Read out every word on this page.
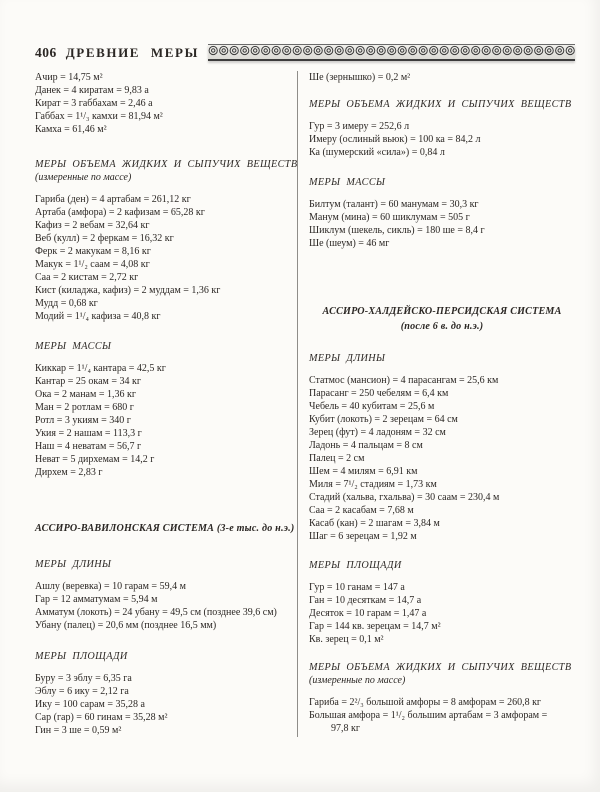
406 ДРЕВНИЕ МЕРЫ
Ачир = 14,75 м²
Данек = 4 киратам = 9,83 а
Кират = 3 габбахам = 2,46 а
Габбах = 1¹/₃ камхи = 81,94 м²
Камха = 61,46 м²
МЕРЫ ОБЪЕМА ЖИДКИХ И СЫПУЧИХ ВЕЩЕСТВ
(измеренные по массе)
Гариба (ден) = 4 артабам = 261,12 кг
Артаба (амфора) = 2 кафизам = 65,28 кг
Кафиз = 2 вебам = 32,64 кг
Веб (кулл) = 2 феркам = 16,32 кг
Ферк = 2 макукам = 8,16 кг
Макук = 1¹/₂ саам = 4,08 кг
Саа = 2 кистам = 2,72 кг
Кист (киладжа, кафиз) = 2 муддам = 1,36 кг
Мудд = 0,68 кг
Модий = 1¹/₄ кафиза = 40,8 кг
МЕРЫ МАССЫ
Киккар = 1¹/₄ кантара = 42,5 кг
Кантар = 25 окам = 34 кг
Ока = 2 манам = 1,36 кг
Ман = 2 ротлам = 680 г
Ротл = 3 укиям = 340 г
Укия = 2 нашам = 113,3 г
Наш = 4 неватам = 56,7 г
Неват = 5 дирхемам = 14,2 г
Дирхем = 2,83 г
АССИРО-ВАВИЛОНСКАЯ СИСТЕМА (3-е тыс. до н.э.)
МЕРЫ ДЛИНЫ
Ашлу (веревка) = 10 гарам = 59,4 м
Гар = 12 амматумам = 5,94 м
Амматум (локоть) = 24 убану = 49,5 см (позднее 39,6 см)
Убану (палец) = 20,6 мм (позднее 16,5 мм)
МЕРЫ ПЛОЩАДИ
Буру = 3 эблу = 6,35 га
Эблу = 6 ику = 2,12 га
Ику = 100 сарам = 35,28 а
Сар (гар) = 60 гинам = 35,28 м²
Гин = 3 ше = 0,59 м²
Ше (зернышко) = 0,2 м²
МЕРЫ ОБЪЕМА ЖИДКИХ И СЫПУЧИХ ВЕЩЕСТВ
Гур = 3 имеру = 252,6 л
Имеру (ослиный вьюк) = 100 ка = 84,2 л
Ка (шумерский «сила») = 0,84 л
МЕРЫ МАССЫ
Билтум (талант) = 60 манумам = 30,3 кг
Манум (мина) = 60 шиклумам = 505 г
Шиклум (шекель, сикль) = 180 ше = 8,4 г
Ше (шеум) = 46 мг
АССИРО-ХАЛДЕЙСКО-ПЕРСИДСКАЯ СИСТЕМА
(после 6 в. до н.э.)
МЕРЫ ДЛИНЫ
Статмос (мансион) = 4 парасангам = 25,6 км
Парасанг = 250 чебелям = 6,4 км
Чебель = 40 кубитам = 25,6 м
Кубит (локоть) = 2 зерецам = 64 см
Зерец (фут) = 4 ладоням = 32 см
Ладонь = 4 пальцам = 8 см
Палец = 2 см
Шем = 4 милям = 6,91 км
Миля = 7¹/₂ стадиям = 1,73 км
Стадий (хальва, гхальва) = 30 саам = 230,4 м
Саа = 2 касабам = 7,68 м
Касаб (кан) = 2 шагам = 3,84 м
Шаг = 6 зерецам = 1,92 м
МЕРЫ ПЛОЩАДИ
Гур = 10 ганам = 147 а
Ган = 10 десяткам = 14,7 а
Десяток = 10 гарам = 1,47 а
Гар = 144 кв. зерецам = 14,7 м²
Кв. зерец = 0,1 м²
МЕРЫ ОБЪЕМА ЖИДКИХ И СЫПУЧИХ ВЕЩЕСТВ
(измеренные по массе)
Гариба = 2²/₃ большой амфоры = 8 амфорам = 260,8 кг
Большая амфора = 1¹/₂ большим артабам = 3 амфорам =
97,8 кг
